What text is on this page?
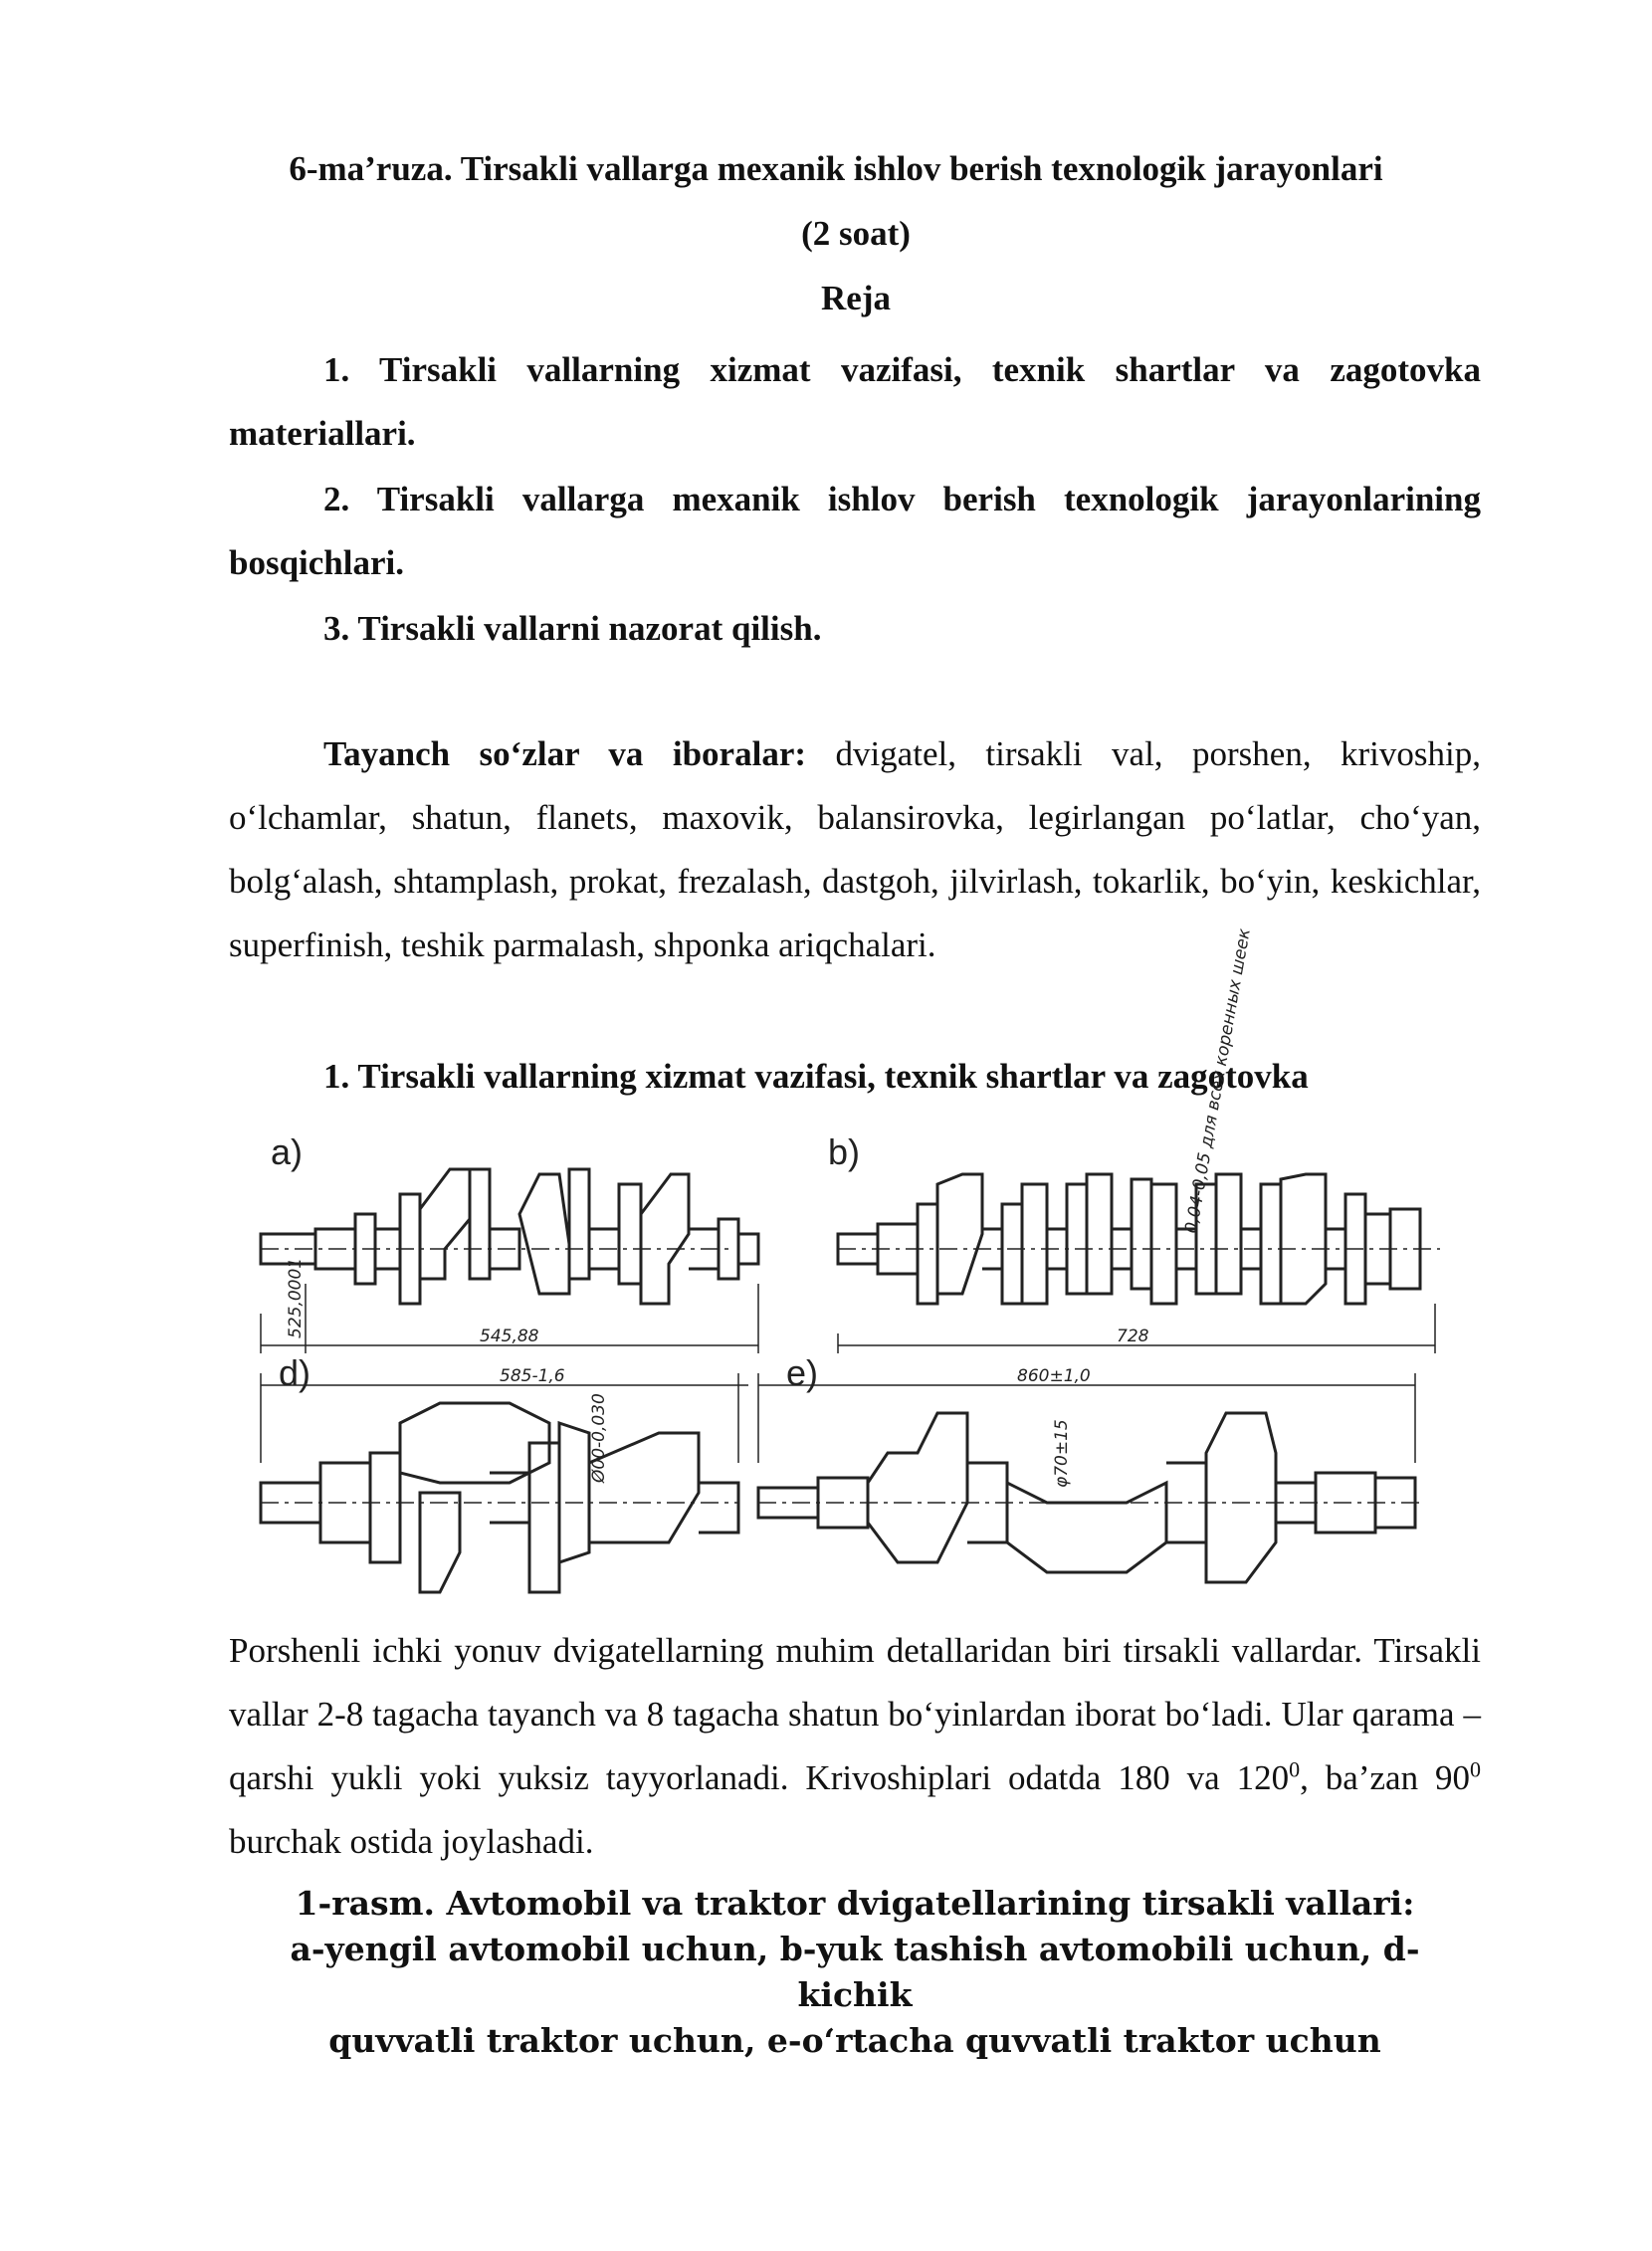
6-ma’ruza. Tirsakli vallarga mexanik ishlov berish texnologik jarayonlari
(2 soat)
Reja
1. Tirsakli vallarning xizmat vazifasi, texnik shartlar va zagotovka materiallari.
2. Tirsakli vallarga mexanik ishlov berish texnologik jarayonlarining bosqichlari.
3. Tirsakli vallarni nazorat qilish.
Tayanch so‘zlar va iboralar: dvigatel, tirsakli val, porshen, krivoship, o‘lchamlar, shatun, flanets, maxovik, balansirovka, legirlangan po‘latlar, cho‘yan, bolg‘alash, shtamplash, prokat, frezalash, dastgoh, jilvirlash, tokarlik, bo‘yin, keskichlar, superfinish, teshik parmalash, shponka ariqchalari.
1. Tirsakli vallarning xizmat vazifasi, texnik shartlar va zagotovka
a)	b)
d)	e)
525,0001	545,88	728
585-1,6	860±1,0
φ70±15
0,04-0,05 для всех коренных шеек
Ø00-0,030
Porshenli ichki yonuv dvigatellarning muhim detallaridan biri tirsakli vallardar. Tirsakli vallar 2-8 tagacha tayanch va 8 tagacha shatun bo‘yinlardan iborat bo‘ladi. Ular qarama –qarshi yukli yoki yuksiz tayyorlanadi. Krivoshiplari odatda 180 va $120^0$, ba’zan $90^0$ burchak ostida joylashadi.
1-rasm. Avtomobil va traktor dvigatellarining tirsakli vallari:
a-yengil avtomobil uchun, b-yuk tashish avtomobili uchun, d-kichik
quvvatli traktor uchun, e-o‘rtacha quvvatli traktor uchun
